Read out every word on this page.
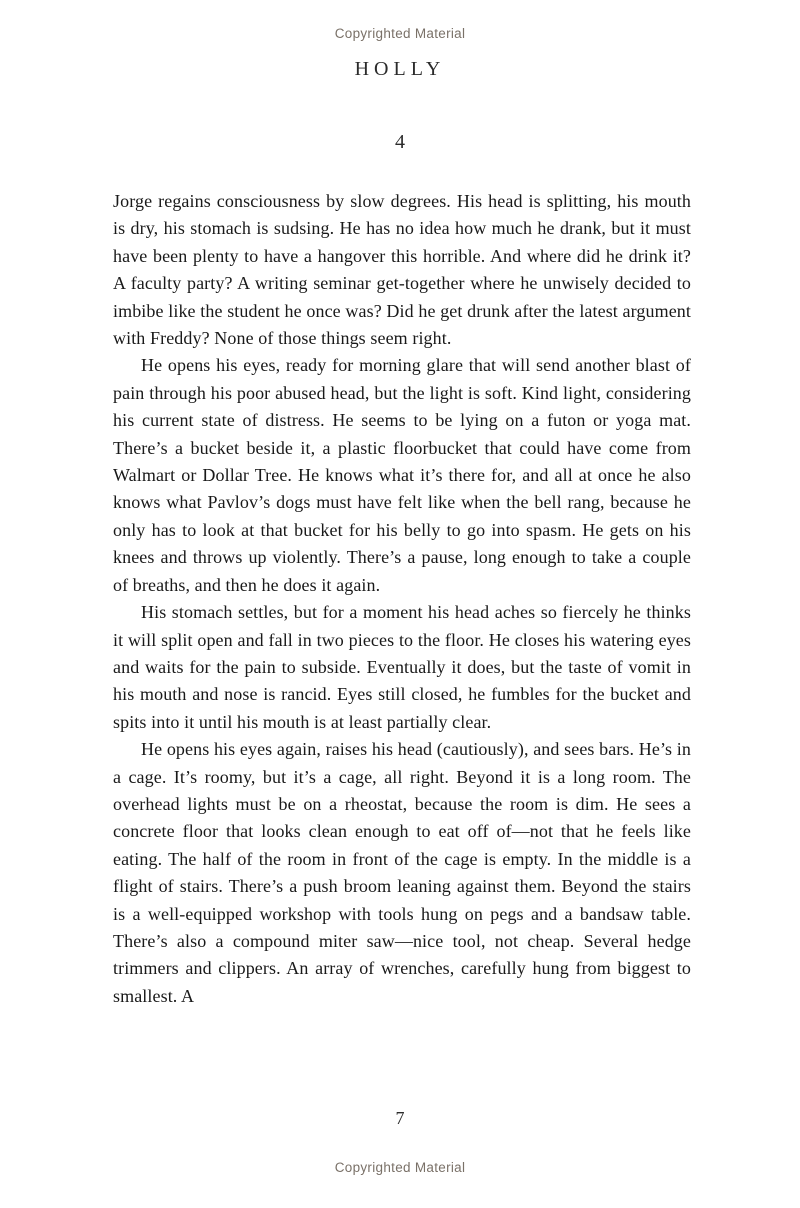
Copyrighted Material
HOLLY
4

Jorge regains consciousness by slow degrees. His head is splitting, his mouth is dry, his stomach is sudsing. He has no idea how much he drank, but it must have been plenty to have a hangover this horrible. And where did he drink it? A faculty party? A writing seminar get-together where he unwisely decided to imbibe like the student he once was? Did he get drunk after the latest argument with Freddy? None of those things seem right.

He opens his eyes, ready for morning glare that will send another blast of pain through his poor abused head, but the light is soft. Kind light, considering his current state of distress. He seems to be lying on a futon or yoga mat. There’s a bucket beside it, a plastic floorbucket that could have come from Walmart or Dollar Tree. He knows what it’s there for, and all at once he also knows what Pavlov’s dogs must have felt like when the bell rang, because he only has to look at that bucket for his belly to go into spasm. He gets on his knees and throws up violently. There’s a pause, long enough to take a couple of breaths, and then he does it again.

His stomach settles, but for a moment his head aches so fiercely he thinks it will split open and fall in two pieces to the floor. He closes his watering eyes and waits for the pain to subside. Eventually it does, but the taste of vomit in his mouth and nose is rancid. Eyes still closed, he fumbles for the bucket and spits into it until his mouth is at least partially clear.

He opens his eyes again, raises his head (cautiously), and sees bars. He’s in a cage. It’s roomy, but it’s a cage, all right. Beyond it is a long room. The overhead lights must be on a rheostat, because the room is dim. He sees a concrete floor that looks clean enough to eat off of—not that he feels like eating. The half of the room in front of the cage is empty. In the middle is a flight of stairs. There’s a push broom leaning against them. Beyond the stairs is a well-equipped workshop with tools hung on pegs and a bandsaw table. There’s also a compound miter saw—nice tool, not cheap. Several hedge trimmers and clippers. An array of wrenches, carefully hung from biggest to smallest. A

7
Copyrighted Material
